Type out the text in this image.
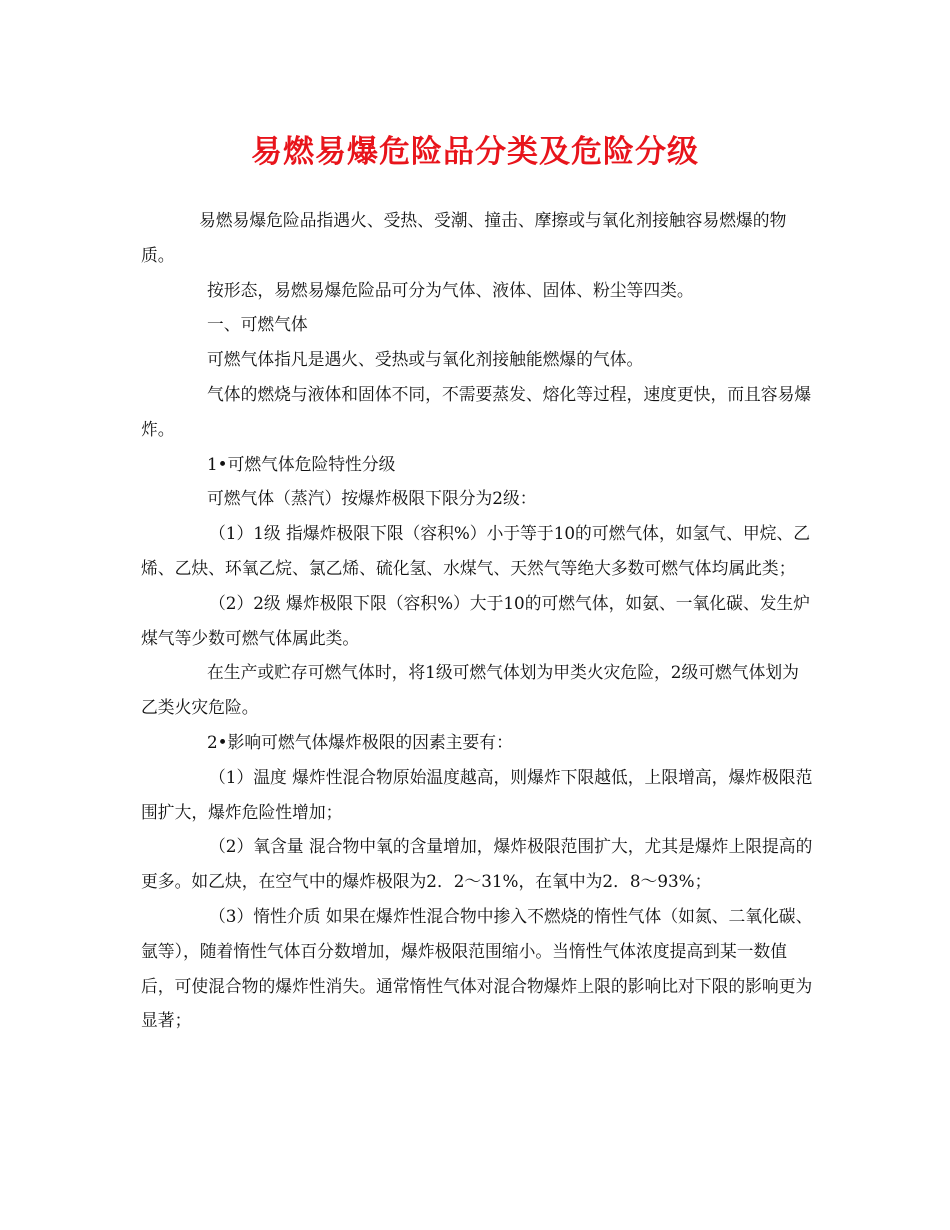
易燃易爆危险品分类及危险分级

易燃易爆危险品指遇火、受热、受潮、撞击、摩擦或与氧化剂接触容易燃爆的物质。

按形态，易燃易爆危险品可分为气体、液体、固体、粉尘等四类。

一、可燃气体

可燃气体指凡是遇火、受热或与氧化剂接触能燃爆的气体。

气体的燃烧与液体和固体不同，不需要蒸发、熔化等过程，速度更快，而且容易爆炸。

1•可燃气体危险特性分级

可燃气体（蒸汽）按爆炸极限下限分为2级：

（1）1级 指爆炸极限下限（容积%）小于等于10的可燃气体，如氢气、甲烷、乙烯、乙炔、环氧乙烷、氯乙烯、硫化氢、水煤气、天然气等绝大多数可燃气体均属此类；

（2）2级 爆炸极限下限（容积%）大于10的可燃气体，如氨、一氧化碳、发生炉煤气等少数可燃气体属此类。

在生产或贮存可燃气体时，将1级可燃气体划为甲类火灾危险，2级可燃气体划为乙类火灾危险。

2•影响可燃气体爆炸极限的因素主要有：

（1）温度 爆炸性混合物原始温度越高，则爆炸下限越低，上限增高，爆炸极限范围扩大，爆炸危险性增加；

（2）氧含量 混合物中氧的含量增加，爆炸极限范围扩大，尤其是爆炸上限提高的更多。如乙炔，在空气中的爆炸极限为2．2～31%，在氧中为2．8～93%；

（3）惰性介质 如果在爆炸性混合物中掺入不燃烧的惰性气体（如氮、二氧化碳、氩等），随着惰性气体百分数增加，爆炸极限范围缩小。当惰性气体浓度提高到某一数值后，可使混合物的爆炸性消失。通常惰性气体对混合物爆炸上限的影响比对下限的影响更为显著；
